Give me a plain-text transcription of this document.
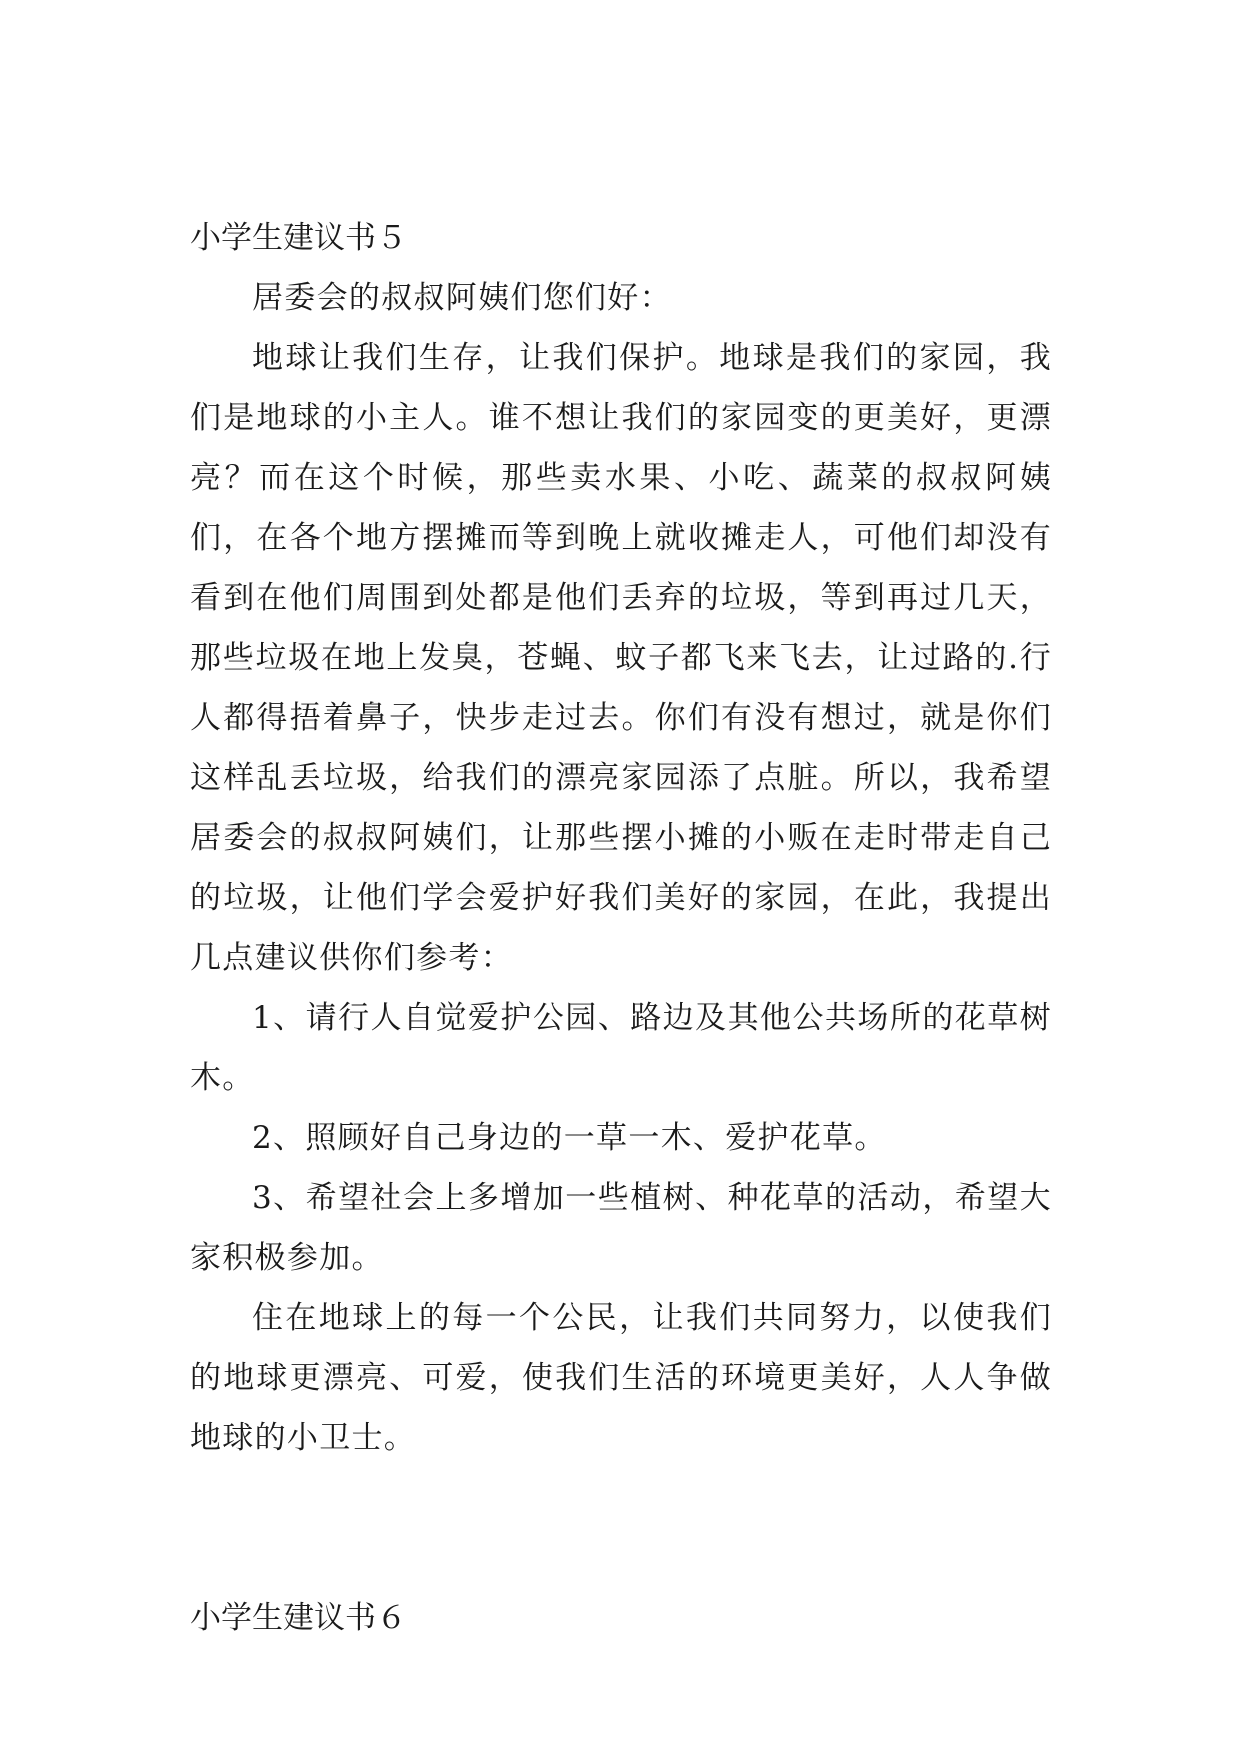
小学生建议书５

居委会的叔叔阿姨们您们好：

地球让我们生存，让我们保护。地球是我们的家园，我们是地球的小主人。谁不想让我们的家园变的更美好，更漂亮？而在这个时候，那些卖水果、小吃、蔬菜的叔叔阿姨们，在各个地方摆摊而等到晚上就收摊走人，可他们却没有看到在他们周围到处都是他们丢弃的垃圾，等到再过几天，那些垃圾在地上发臭，苍蝇、蚊子都飞来飞去，让过路的.行人都得捂着鼻子，快步走过去。你们有没有想过，就是你们这样乱丢垃圾，给我们的漂亮家园添了点脏。所以，我希望居委会的叔叔阿姨们，让那些摆小摊的小贩在走时带走自己的垃圾，让他们学会爱护好我们美好的家园，在此，我提出几点建议供你们参考：

1、请行人自觉爱护公园、路边及其他公共场所的花草树木。

2、照顾好自己身边的一草一木、爱护花草。

3、希望社会上多增加一些植树、种花草的活动，希望大家积极参加。

住在地球上的每一个公民，让我们共同努力，以使我们的地球更漂亮、可爱，使我们生活的环境更美好，人人争做地球的小卫士。

小学生建议书６
